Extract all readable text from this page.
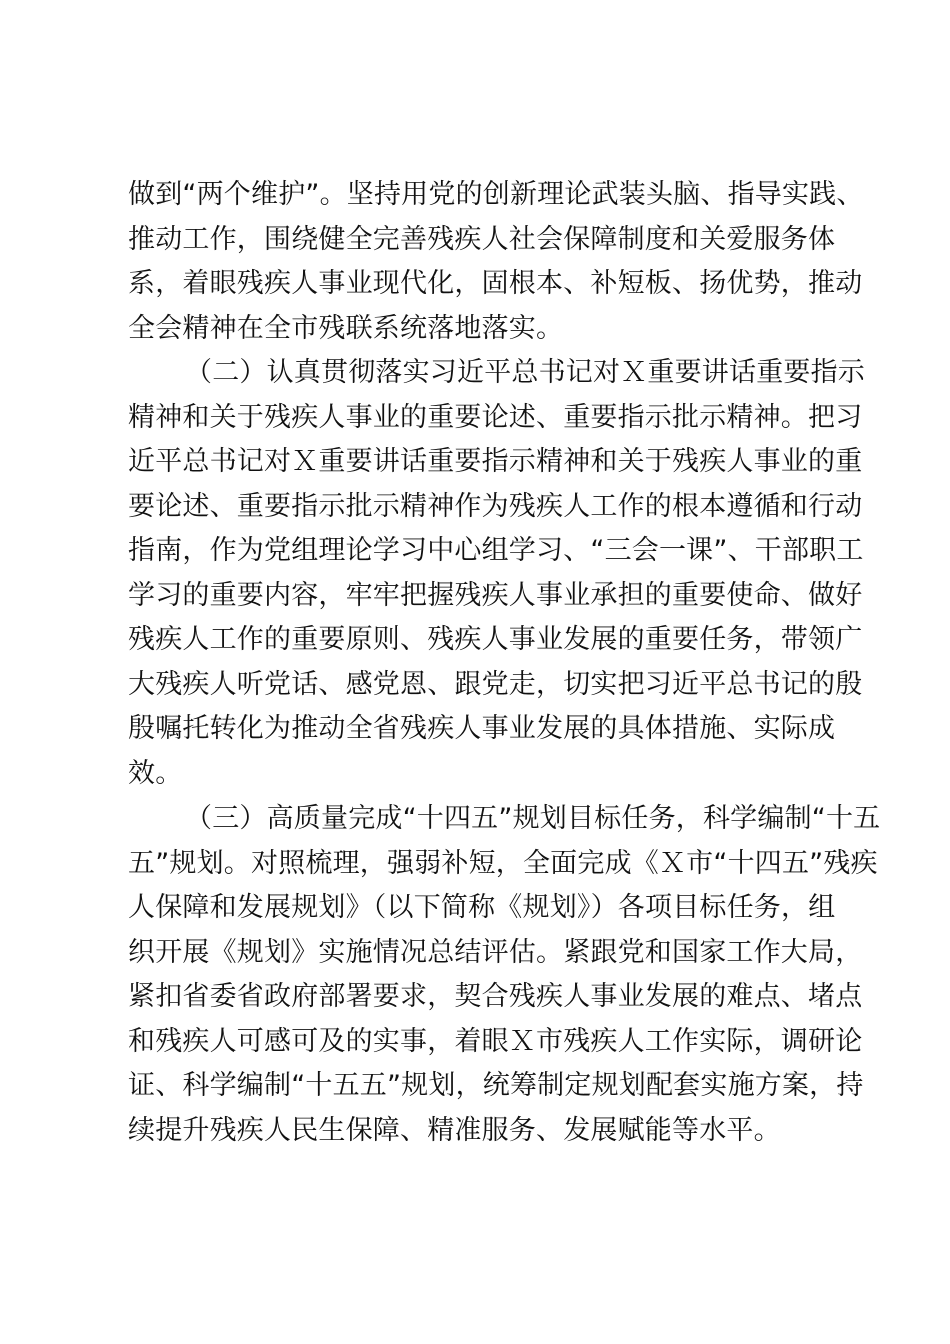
做到“两个维护”。坚持用党的创新理论武装头脑、指导实践、
推动工作，围绕健全完善残疾人社会保障制度和关爱服务体
系，着眼残疾人事业现代化，固根本、补短板、扬优势，推动
全会精神在全市残联系统落地落实。
（二）认真贯彻落实习近平总书记对Ｘ重要讲话重要指示
精神和关于残疾人事业的重要论述、重要指示批示精神。把习
近平总书记对Ｘ重要讲话重要指示精神和关于残疾人事业的重
要论述、重要指示批示精神作为残疾人工作的根本遵循和行动
指南，作为党组理论学习中心组学习、“三会一课”、干部职工
学习的重要内容，牢牢把握残疾人事业承担的重要使命、做好
残疾人工作的重要原则、残疾人事业发展的重要任务，带领广
大残疾人听党话、感党恩、跟党走，切实把习近平总书记的殷
殷嘱托转化为推动全省残疾人事业发展的具体措施、实际成
效。
（三）高质量完成“十四五”规划目标任务，科学编制“十五
五”规划。对照梳理，强弱补短，全面完成《Ｘ市“十四五”残疾
人保障和发展规划》（以下简称《规划》）各项目标任务，组
织开展《规划》实施情况总结评估。紧跟党和国家工作大局，
紧扣省委省政府部署要求，契合残疾人事业发展的难点、堵点
和残疾人可感可及的实事，着眼Ｘ市残疾人工作实际，调研论
证、科学编制“十五五”规划，统筹制定规划配套实施方案，持
续提升残疾人民生保障、精准服务、发展赋能等水平。
